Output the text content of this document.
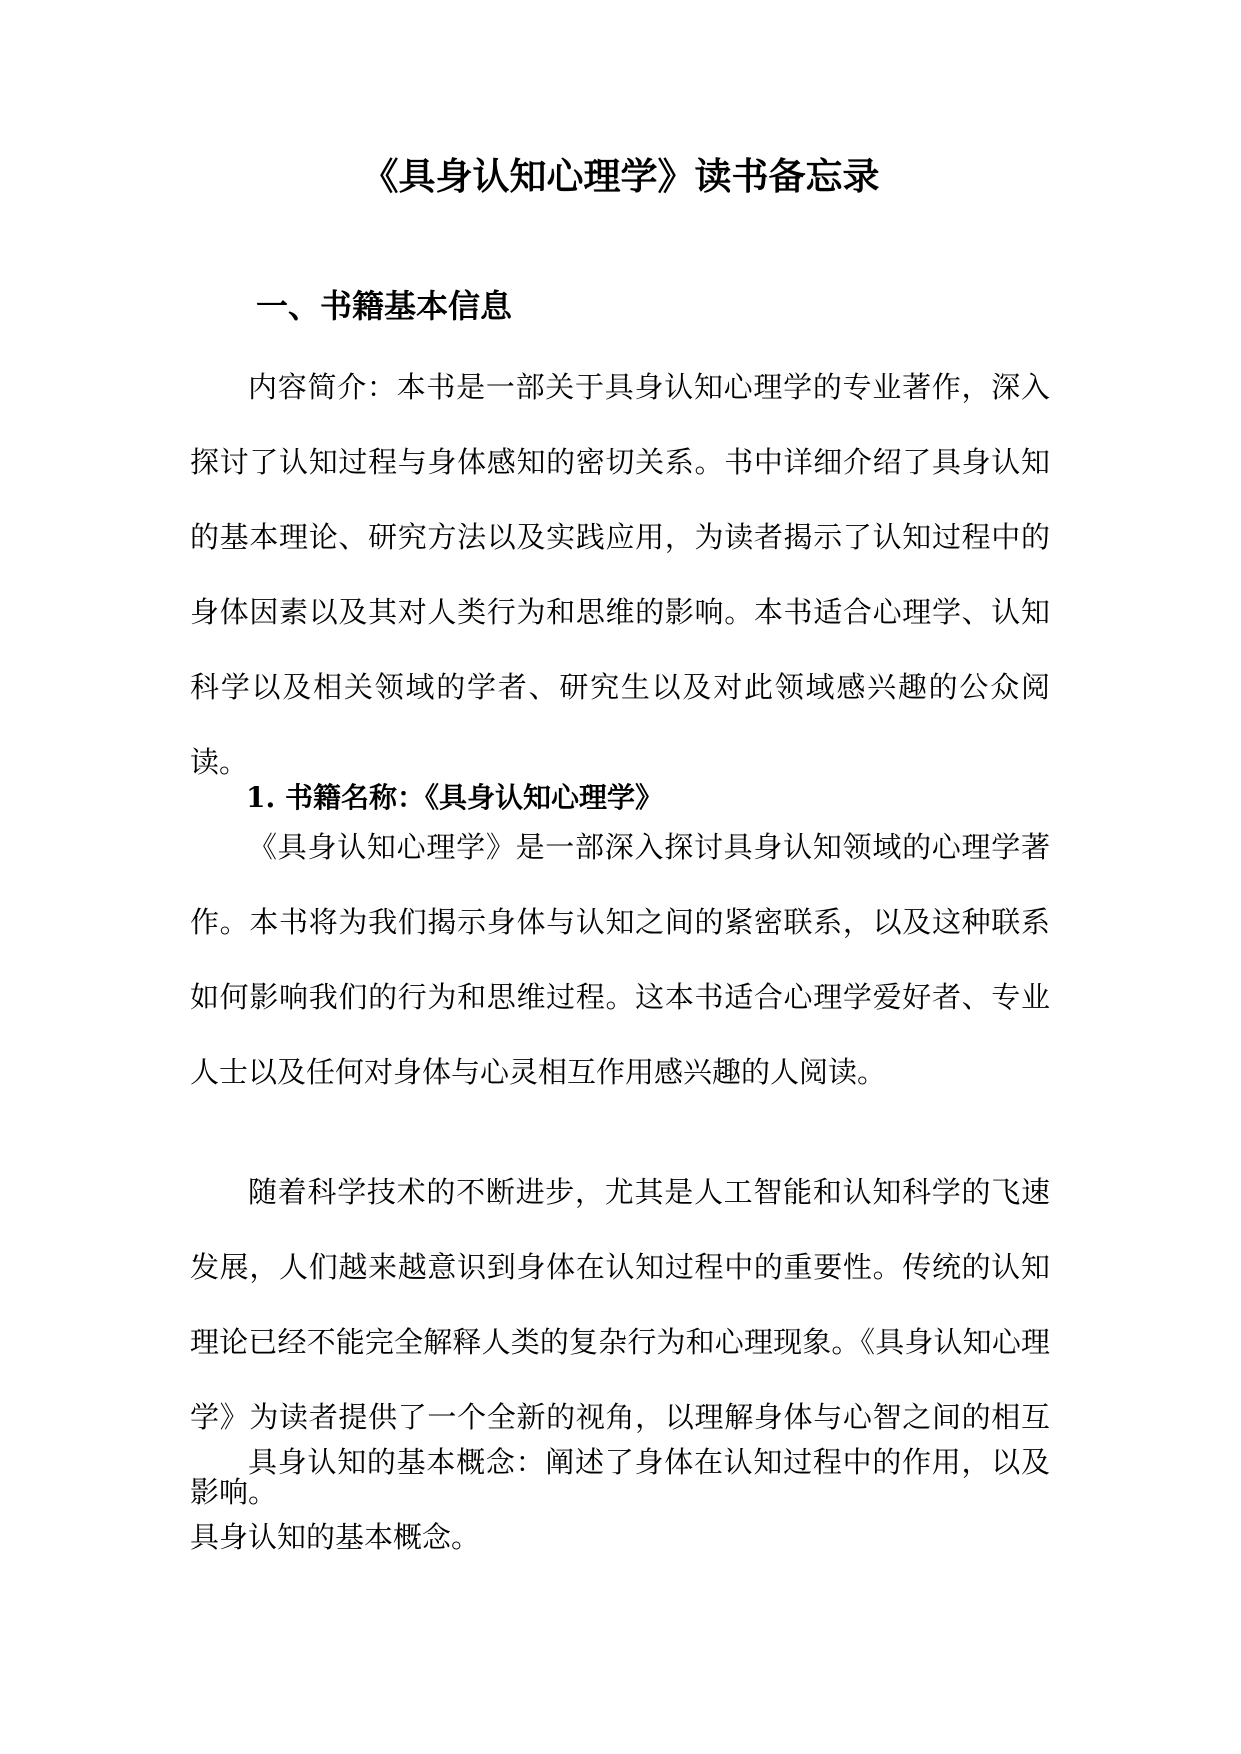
《具身认知心理学》读书备忘录
一、书籍基本信息

内容简介：本书是一部关于具身认知心理学的专业著作，深入探讨了认知过程与身体感知的密切关系。书中详细介绍了具身认知的基本理论、研究方法以及实践应用，为读者揭示了认知过程中的身体因素以及其对人类行为和思维的影响。本书适合心理学、认知科学以及相关领域的学者、研究生以及对此领域感兴趣的公众阅读。

1. 书籍名称：《具身认知心理学》

《具身认知心理学》是一部深入探讨具身认知领域的心理学著作。本书将为我们揭示身体与认知之间的紧密联系，以及这种联系如何影响我们的行为和思维过程。这本书适合心理学爱好者、专业人士以及任何对身体与心灵相互作用感兴趣的人阅读。

随着科学技术的不断进步，尤其是人工智能和认知科学的飞速发展，人们越来越意识到身体在认知过程中的重要性。传统的认知理论已经不能完全解释人类的复杂行为和心理现象。《具身认知心理学》为读者提供了一个全新的视角，以理解身体与心智之间的相互影响。

具身认知的基本概念：阐述了身体在认知过程中的作用，以及具身认知的基本概念。
